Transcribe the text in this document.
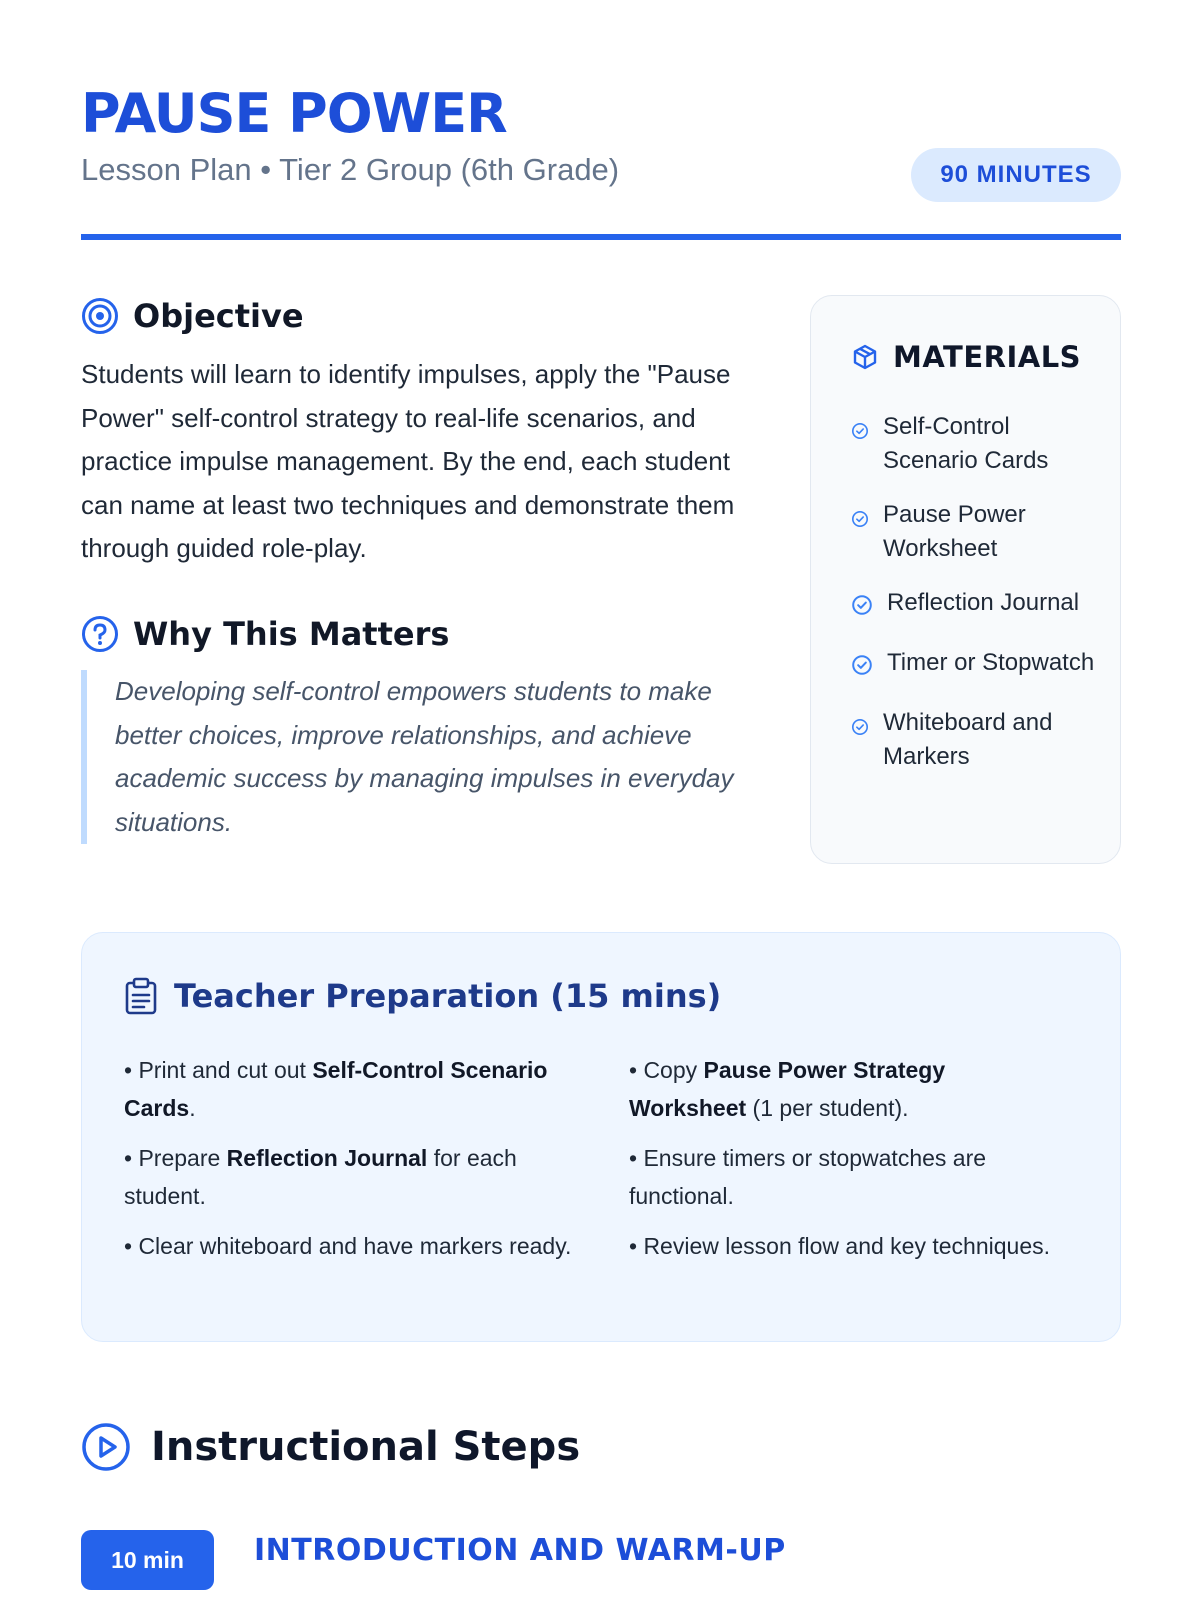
PAUSE POWER
Lesson Plan • Tier 2 Group (6th Grade)	90 MINUTES
Objective

Students will learn to identify impulses, apply the "Pause Power" self-control strategy to real-life scenarios, and practice impulse management. By the end, each student can name at least two techniques and demonstrate them through guided role-play.

Why This Matters
Developing self-control empowers students to make better choices, improve relationships, and achieve academic success by managing impulses in everyday situations.
MATERIALS
Self-Control Scenario Cards
Pause Power Worksheet
Reflection Journal
Timer or Stopwatch
Whiteboard and Markers
Teacher Preparation (15 mins)
• Print and cut out Self-Control Scenario Cards.
• Copy Pause Power Strategy Worksheet (1 per student).
• Prepare Reflection Journal for each student.
• Ensure timers or stopwatches are functional.
• Clear whiteboard and have markers ready.	• Review lesson flow and key techniques.
Instructional Steps
10 min	INTRODUCTION AND WARM-UP
